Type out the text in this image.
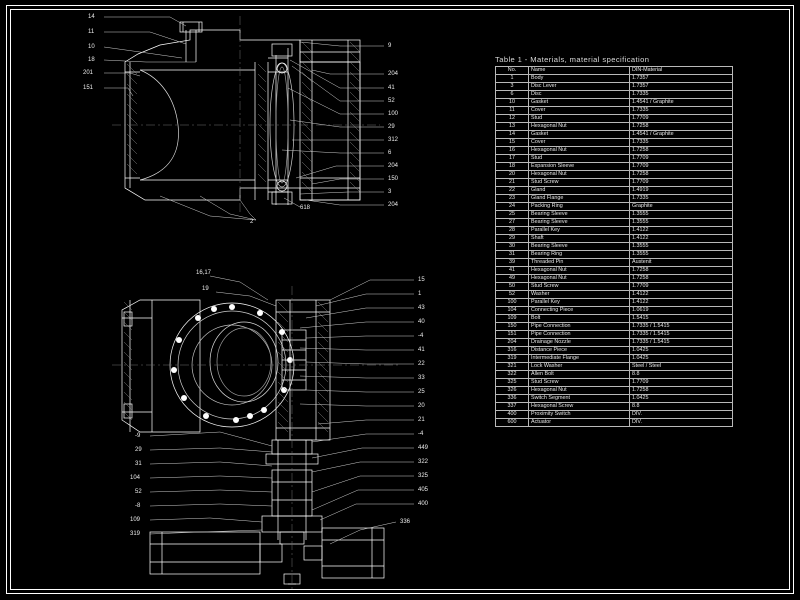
Table 1 - Materials, material specification
No.	Name	DIN-Material
1	Body	1.7357
3	Disc Lever	1.7357
6	Disc	1.7335
10	Gasket	1.4541 / Graphite
11	Cover	1.7335
12	Stud	1.7709
13	Hexagonal Nut	1.7258
14	Gasket	1.4541 / Graphite
15	Cover	1.7335
16	Hexagonal Nut	1.7258
17	Stud	1.7709
18	Expansion Sleeve	1.7709
20	Hexagonal Nut	1.7258
21	Stud Screw	1.7709
22	Gland	1.4919
23	Gland Flange	1.7335
24	Packing Ring	Graphite
25	Bearing Sleeve	1.3555
27	Bearing Sleeve	1.3555
28	Parallel Key	1.4122
29	Shaft	1.4122
30	Bearing Sleeve	1.3555
31	Bearing Ring	1.3555
39	Threaded Pin	Austenit
41	Hexagonal Nut	1.7258
49	Hexagonal Nut	1.7258
50	Stud Screw	1.7709
52	Washer	1.4122
100	Parallel Key	1.4122
104	Connecting Piece	1.0619
109	Bolt	1.5415
150	Pipe Connection	1.7335 / 1.5415
151	Pipe Connection	1.7335 / 1.5415
204	Drainage Nozzle	1.7335 / 1.5415
316	Distance Piece	1.0425
319	Intermediate Flange	1.0425
321	Lock Washer	Steel / Steel
322	Allen Bolt	8.8
325	Stud Screw	1.7709
326	Hexagonal Nut	1.7258
336	Switch Segment	1.0425
337	Hexagonal Screw	8.8
400	Proximity Switch	DIV.
600	Actuator	DIV.
14
11
10
18
201
151
9
204
41
52
100
29
312
6
204
150
3
204
618
2
16,17
19
15
1
43
40
-4
41
22
33
25
20
21
-4
449
322
325
405
400
336
-9
29
31
104
52
-8
109
319
